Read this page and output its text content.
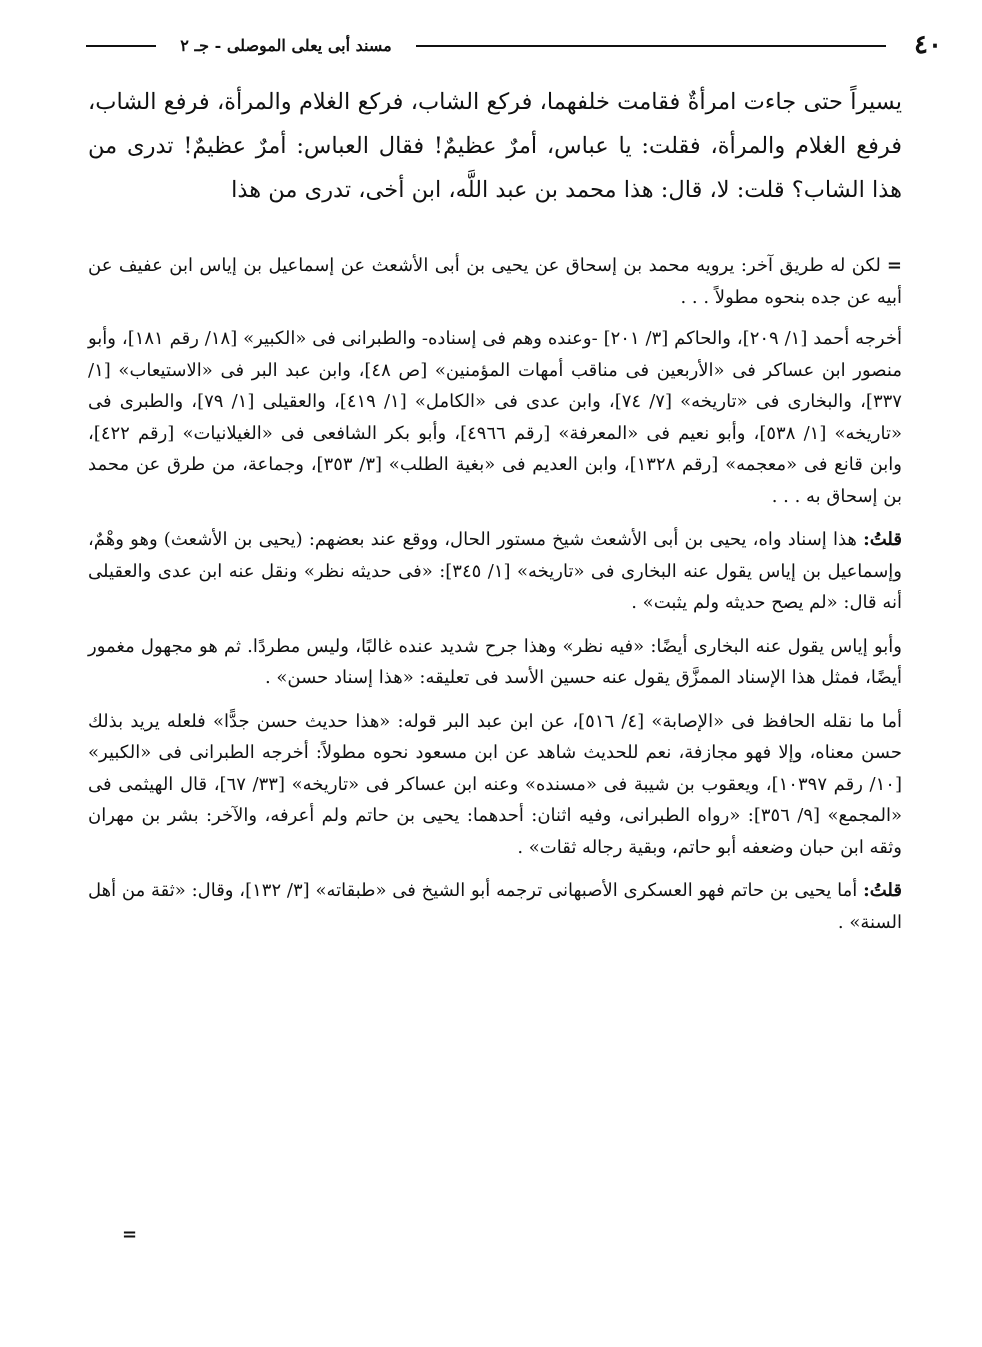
مسند أبى يعلى الموصلى - جـ ٢	٤٠

يسيراً حتى جاءت امرأةٌ فقامت خلفهما، فركع الشاب، فركع الغلام والمرأة، فرفع الشاب، فرفع الغلام والمرأة، فقلت: يا عباس، أمرٌ عظيمٌ! فقال العباس: أمرٌ عظيمٌ! تدرى من هذا الشاب؟ قلت: لا، قال: هذا محمد بن عبد اللَّه، ابن أخى، تدرى من هذا

=لكن له طريق آخر: يرويه محمد بن إسحاق عن يحيى بن أبى الأشعث عن إسماعيل بن إياس ابن عفيف عن أبيه عن جده بنحوه مطولاً . . .

أخرجه أحمد [١/ ٢٠٩]، والحاكم [٣/ ٢٠١] -وعنده وهم فى إسناده- والطبرانى فى «الكبير» [١٨/ رقم ١٨١]، وأبو منصور ابن عساكر فى «الأربعين فى مناقب أمهات المؤمنين» [ص ٤٨]، وابن عبد البر فى «الاستيعاب» [١/ ٣٣٧]، والبخارى فى «تاريخه» [٧/ ٧٤]، وابن عدى فى «الكامل» [١/ ٤١٩]، والعقيلى [١/ ٧٩]، والطبرى فى «تاريخه» [١/ ٥٣٨]، وأبو نعيم فى «المعرفة» [رقم ٤٩٦٦]، وأبو بكر الشافعى فى «الغيلانيات» [رقم ٤٢٢]، وابن قانع فى «معجمه» [رقم ١٣٢٨]، وابن العديم فى «بغية الطلب» [٣/ ٣٥٣]، وجماعة، من طرق عن محمد بن إسحاق به . . .

قلتُ: هذا إسناد واه، يحيى بن أبى الأشعث شيخ مستور الحال، ووقع عند بعضهم: (يحيى بن الأشعث) وهو وهْمٌ، وإسماعيل بن إياس يقول عنه البخارى فى «تاريخه» [١/ ٣٤٥]: «فى حديثه نظر» ونقل عنه ابن عدى والعقيلى أنه قال: «لم يصح حديثه ولم يثبت» .

وأبو إياس يقول عنه البخارى أيضًا: «فيه نظر» وهذا جرح شديد عنده غالبًا، وليس مطردًا. ثم هو مجهول مغمور أيضًا، فمثل هذا الإسناد الممزَّق يقول عنه حسين الأسد فى تعليقه: «هذا إسناد حسن» .

أما ما نقله الحافظ فى «الإصابة» [٤/ ٥١٦]، عن ابن عبد البر قوله: «هذا حديث حسن جدًّا» فلعله يريد بذلك حسن معناه، وإلا فهو مجازفة، نعم للحديث شاهد عن ابن مسعود نحوه مطولاً: أخرجه الطبرانى فى «الكبير» [١٠/ رقم ١٠٣٩٧]، ويعقوب بن شيبة فى «مسنده» وعنه ابن عساكر فى «تاريخه» [٣٣/ ٦٧]، قال الهيثمى فى «المجمع» [٩/ ٣٥٦]: «رواه الطبرانى، وفيه اثنان: أحدهما: يحيى بن حاتم ولم أعرفه، والآخر: بشر بن مهران وثقه ابن حبان وضعفه أبو حاتم، وبقية رجاله ثقات» .

قلتُ: أما يحيى بن حاتم فهو العسكرى الأصبهانى ترجمه أبو الشيخ فى «طبقاته» [٣/ ١٣٢]، وقال: «ثقة من أهل السنة» .

=
